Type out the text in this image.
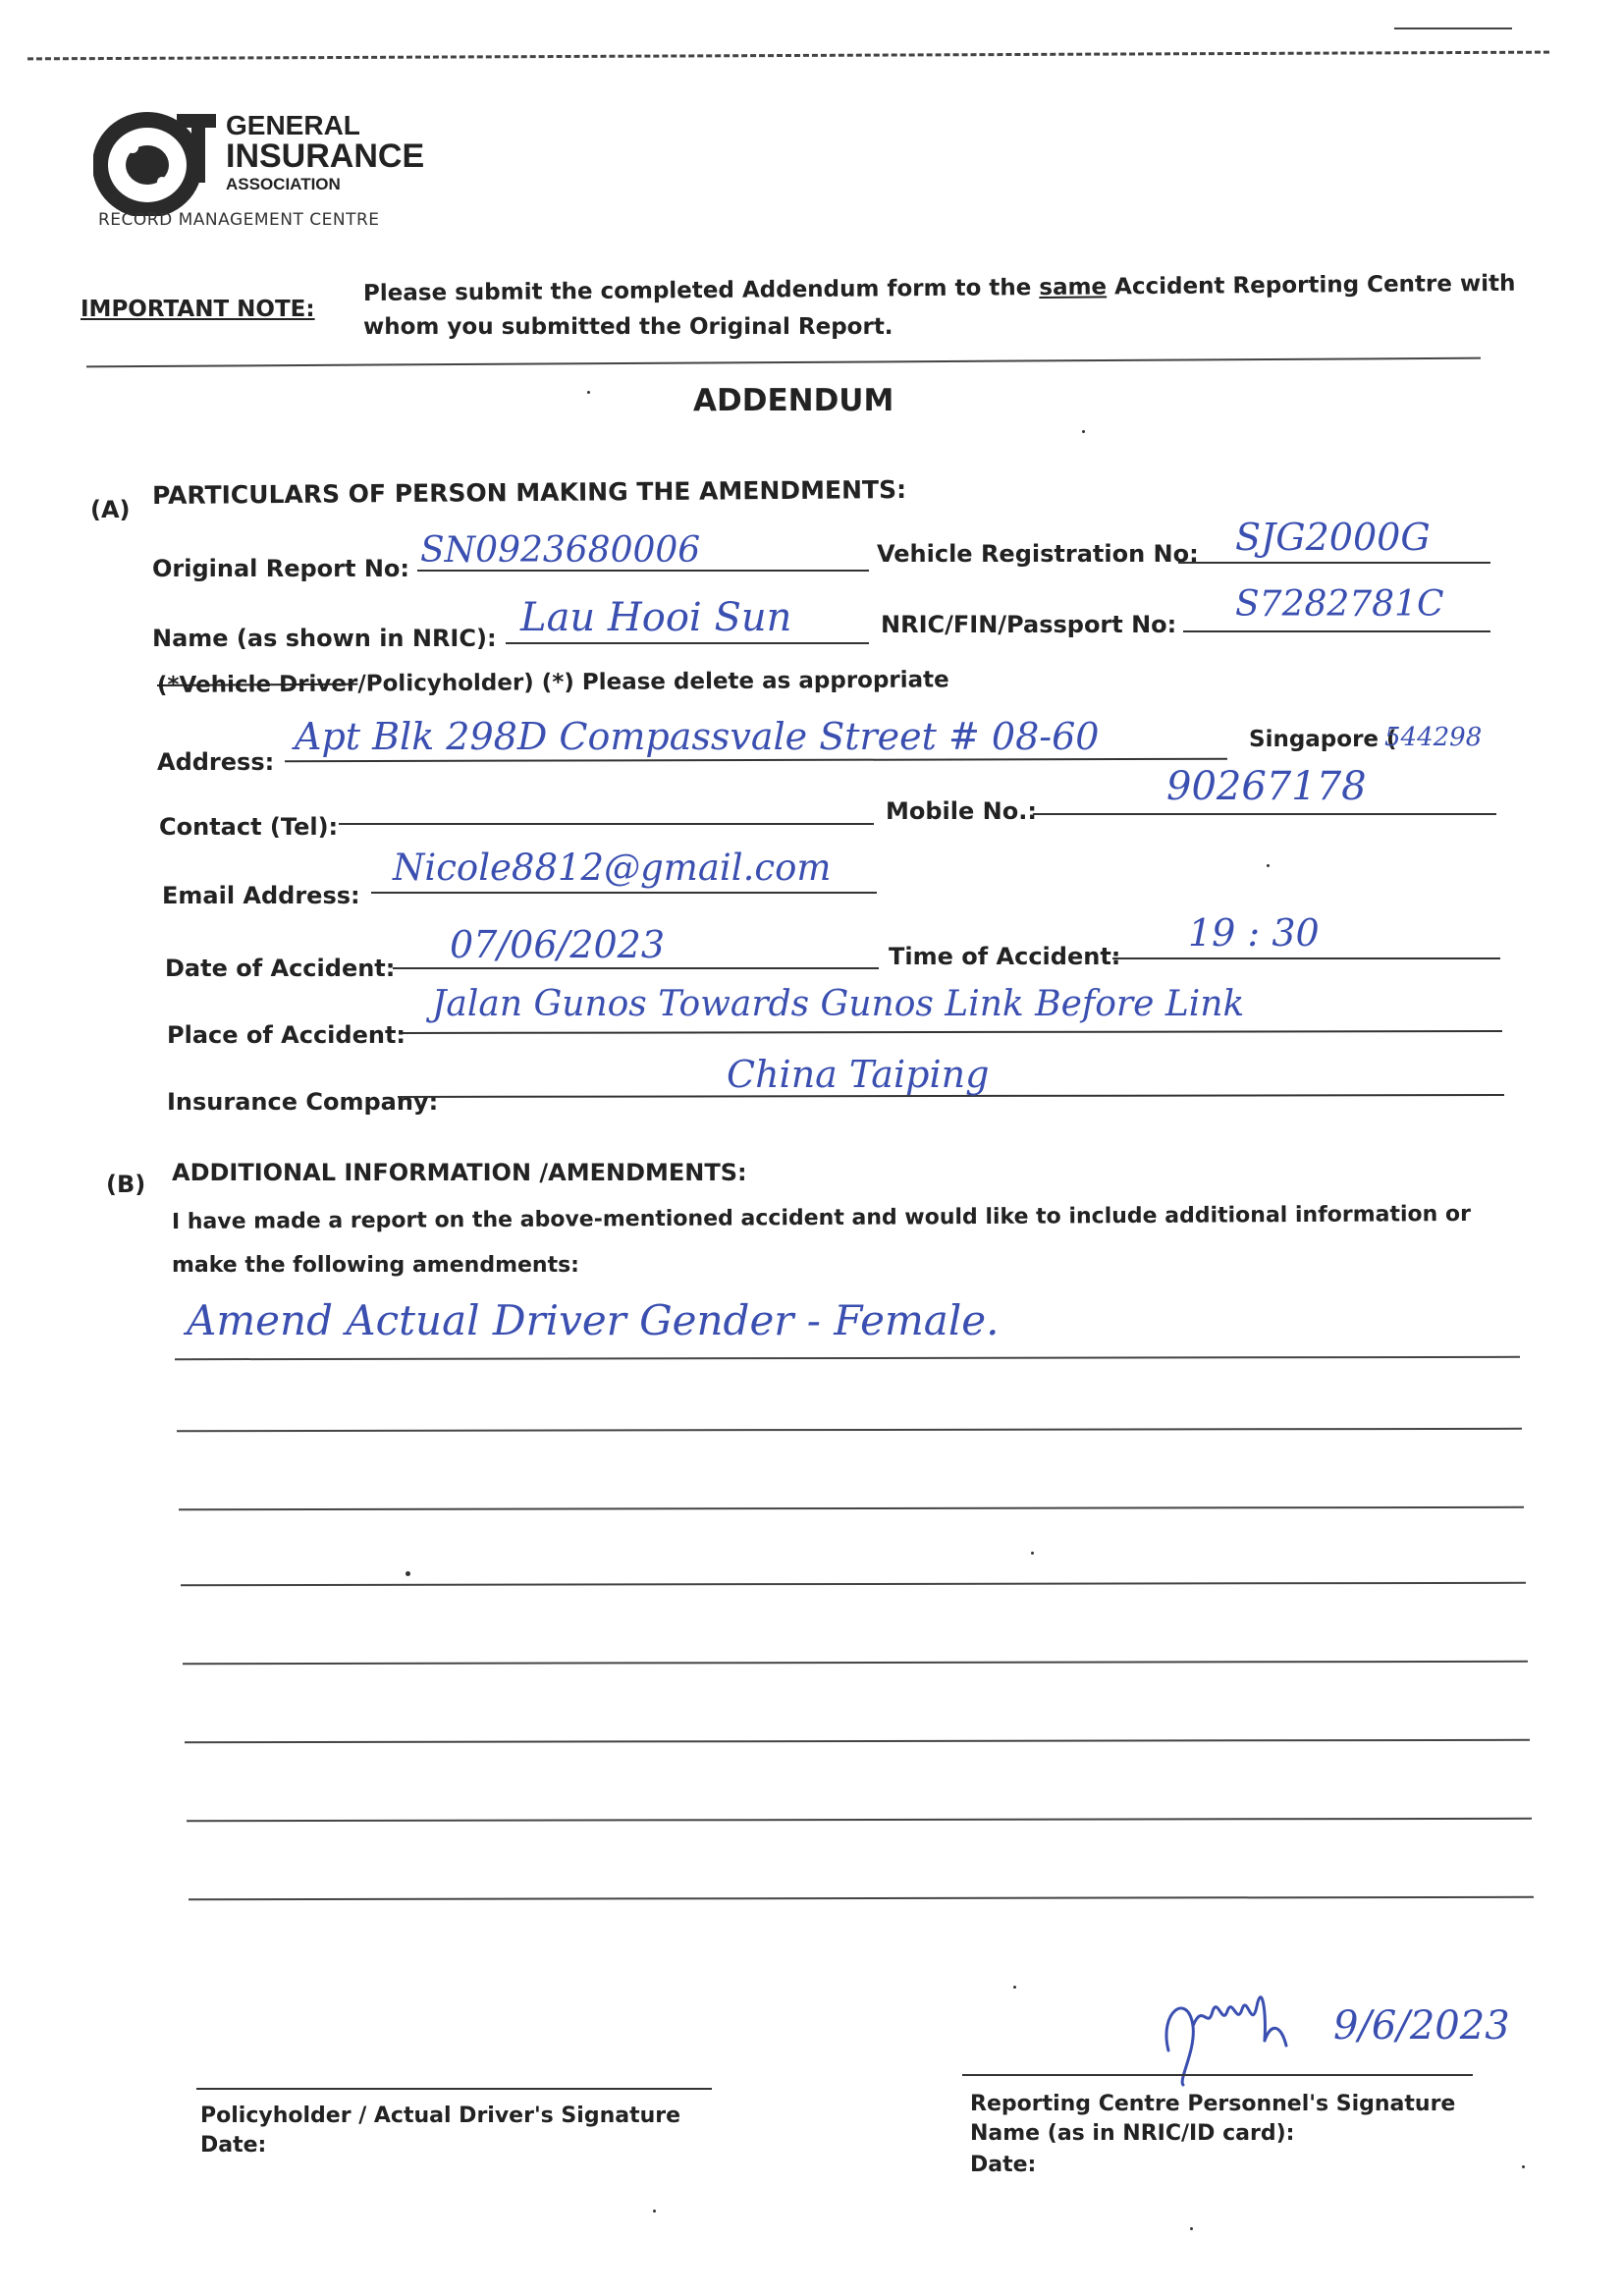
GENERAL
INSURANCE
ASSOCIATION
RECORD MANAGEMENT CENTRE
IMPORTANT NOTE:
Please submit the completed Addendum form to the same Accident Reporting Centre with
whom you submitted the Original Report.
ADDENDUM
(A)
PARTICULARS OF PERSON MAKING THE AMENDMENTS:
Original Report No: SN0923680006	Vehicle Registration No: SJG2000G
Name (as shown in NRIC): Lau Hooi Sun	NRIC/FIN/Passport No: S7282781C
(*Vehicle Driver/Policyholder) (*) Please delete as appropriate
Address:
Apt Blk 298D Compassvale Street # 08-60	Singapore (
544298
Contact (Tel):
Mobile No.:
90267178
Email Address:
Nicole8812@gmail.com
Date of Accident:
07/06/2023	Time of Accident:
19 : 30
Place of Accident:
Jalan Gunos Towards Gunos Link Before Link
Insurance Company:
China Taiping
(B) ADDITIONAL INFORMATION /AMENDMENTS:
I have made a report on the above-mentioned accident and would like to include additional information or
make the following amendments:
Amend Actual Driver Gender - Female.
Policyholder / Actual Driver's Signature
Date:
9/6/2023
Reporting Centre Personnel's Signature
Name (as in NRIC/ID card):
Date:
